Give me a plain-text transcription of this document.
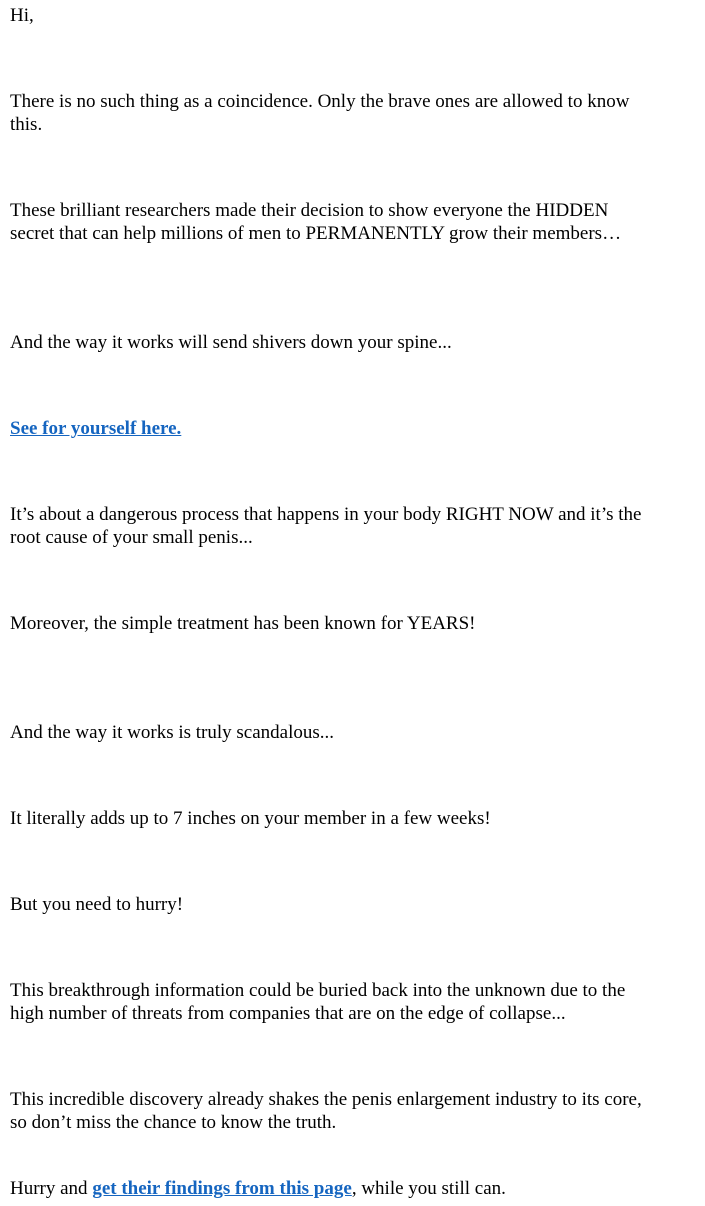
Hi,

There is no such thing as a coincidence. Only the brave ones are allowed to know this.

These brilliant researchers made their decision to show everyone the HIDDEN secret that can help millions of men to PERMANENTLY grow their members…

And the way it works will send shivers down your spine...

See for yourself here.

It’s about a dangerous process that happens in your body RIGHT NOW and it’s the root cause of your small penis...

Moreover, the simple treatment has been known for YEARS!

And the way it works is truly scandalous...

It literally adds up to 7 inches on your member in a few weeks!

But you need to hurry!

This breakthrough information could be buried back into the unknown due to the high number of threats from companies that are on the edge of collapse...

This incredible discovery already shakes the penis enlargement industry to its core, so don’t miss the chance to know the truth.

Hurry and get their findings from this page, while you still can.
